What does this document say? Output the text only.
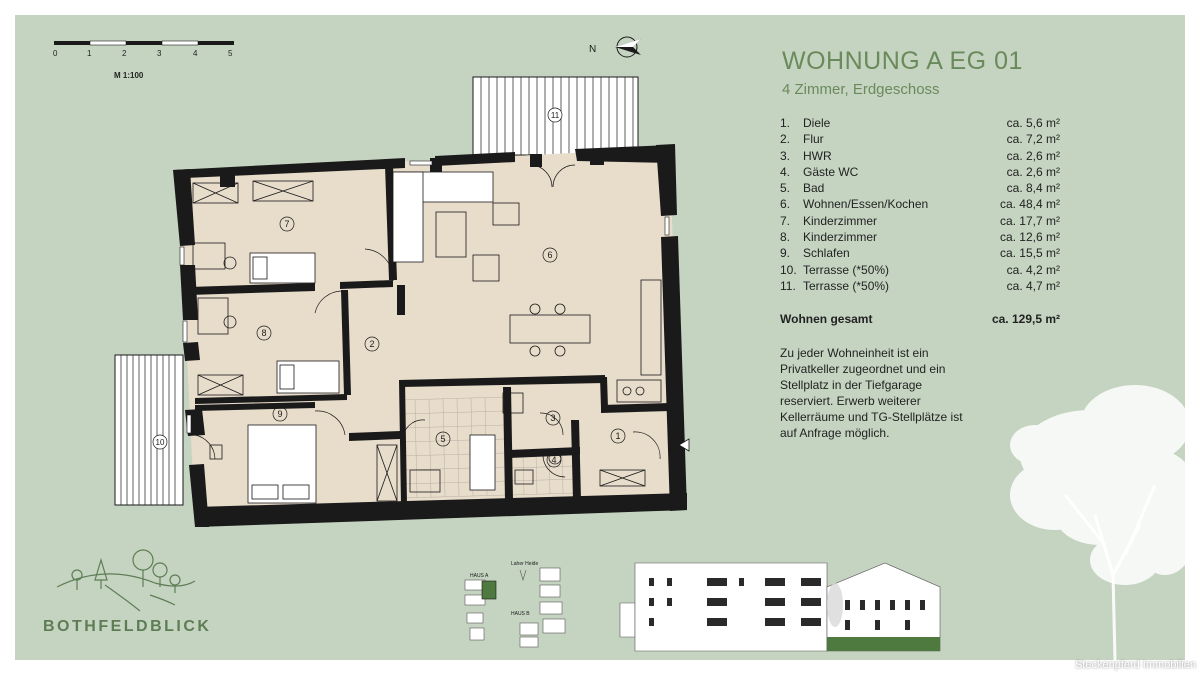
0	1	2	3	4	5
M 1:100
N
1
2
3
4
5
6
7
8
9
10
11
BOTHFELDBLICK
Laher Heide
HAUS A
HAUS B
WOHNUNG A EG 01
4 Zimmer, Erdgeschoss
1. Diele	ca. 5,6 m²
2. Flur	ca. 7,2 m²
3. HWR	ca. 2,6 m²
4. Gäste WC	ca. 2,6 m²
5. Bad	ca. 8,4 m²
6. Wohnen/Essen/Kochen	ca. 48,4 m²
7. Kinderzimmer	ca. 17,7 m²
8. Kinderzimmer	ca. 12,6 m²
9. Schlafen	ca. 15,5 m²
10. Terrasse (*50%)	ca. 4,2 m²
11. Terrasse (*50%)	ca. 4,7 m²
Wohnen gesamt	ca. 129,5 m²
Zu jeder Wohneinheit ist ein Privatkeller zugeordnet und ein Stellplatz in der Tiefgarage reserviert. Erwerb weiterer Kellerräume und TG-Stellplätze ist auf Anfrage möglich.
Steckenpferd Immobilien
